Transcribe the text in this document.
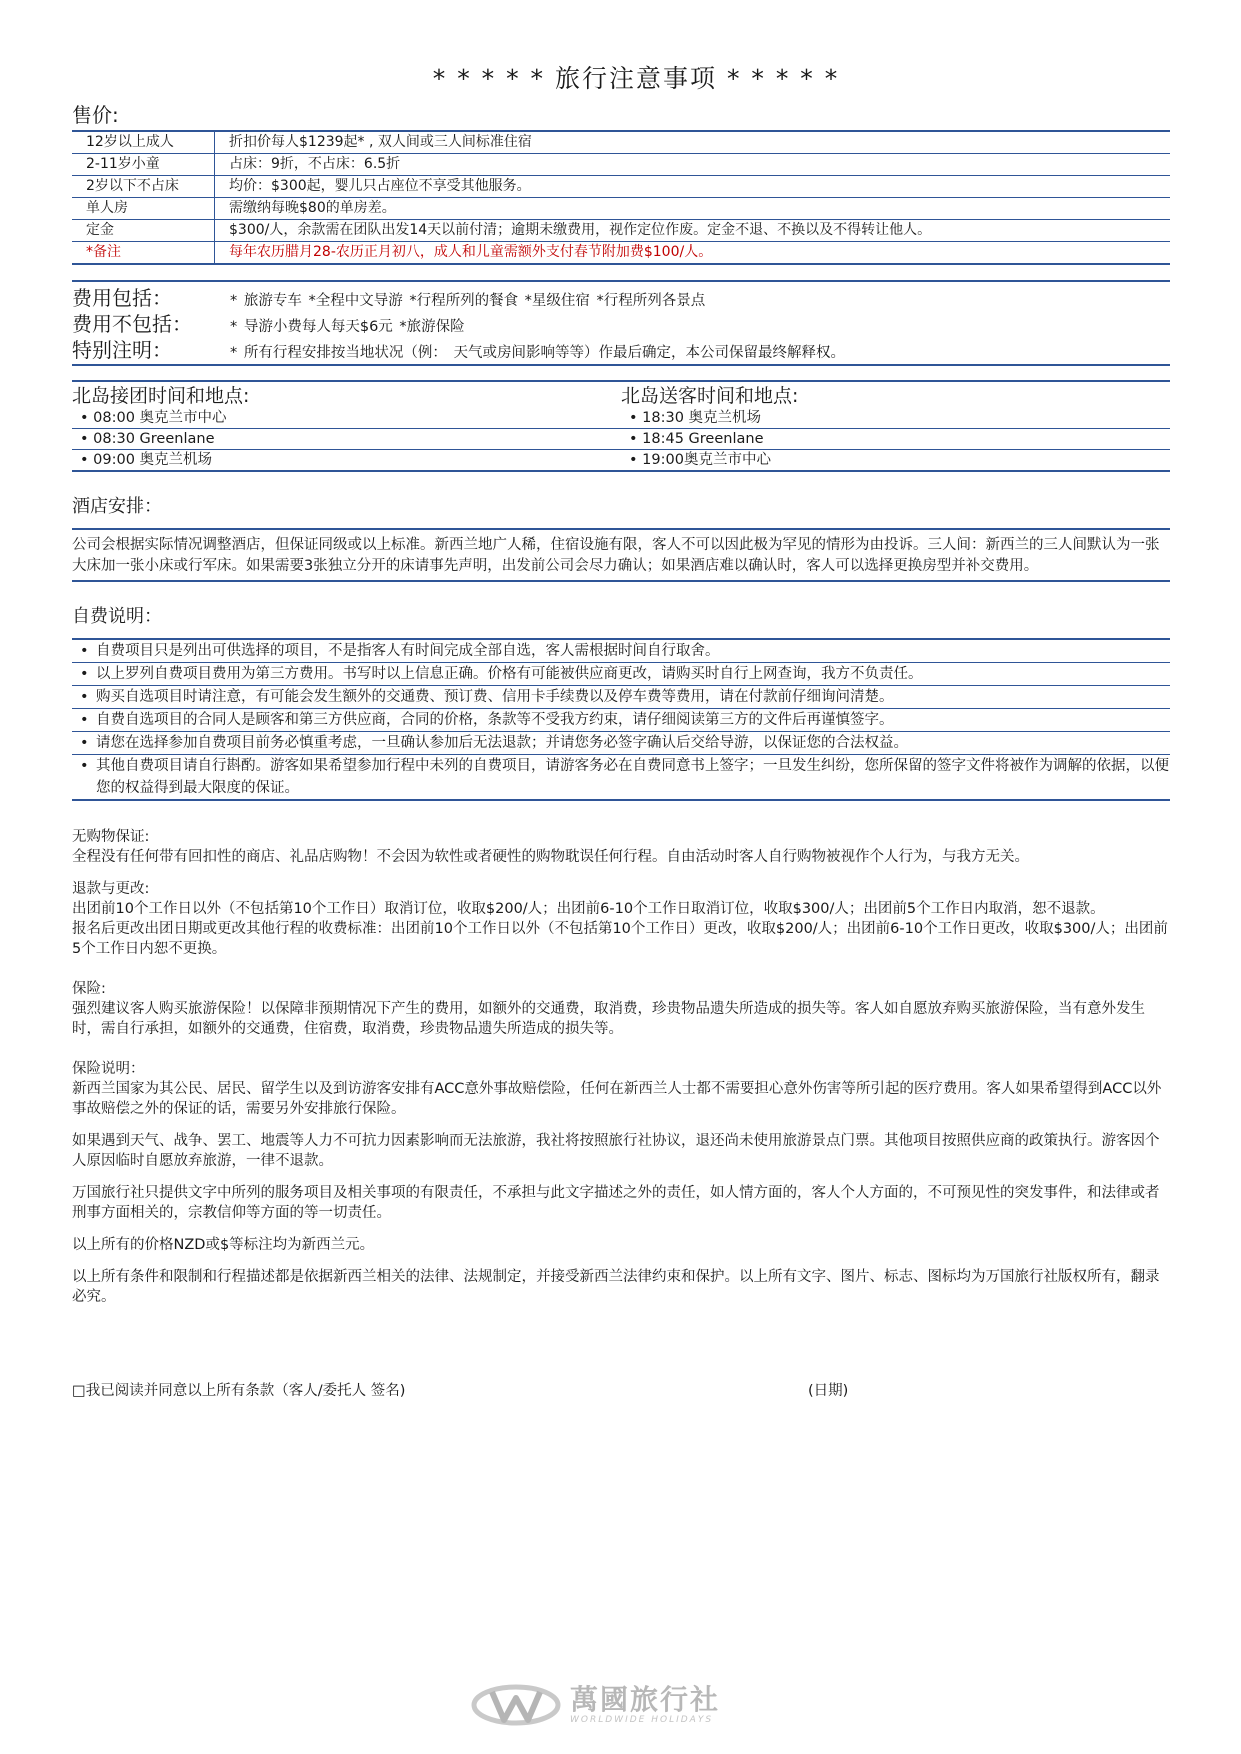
* * * * * 旅行注意事项 * * * * *
售价:
12岁以上成人	折扣价每人$1239起* , 双人间或三人间标准住宿
2-11岁小童	占床：9折，不占床：6.5折
2岁以下不占床	均价：$300起，婴儿只占座位不享受其他服务。
单人房	需缴纳每晚$80的单房差。
定金	$300/人，余款需在团队出发14天以前付清；逾期未缴费用，视作定位作废。定金不退、不换以及不得转让他人。
*备注	每年农历腊月28-农历正月初八，成人和儿童需额外支付春节附加费$100/人。
费用包括：	* 旅游专车 *全程中文导游 *行程所列的餐食 *星级住宿 *行程所列各景点
费用不包括：	* 导游小费每人每天$6元 *旅游保险
特别注明：	* 所有行程安排按当地状况（例： 天气或房间影响等等）作最后确定，本公司保留最终解释权。
北岛接团时间和地点:
• 08:00 奥克兰市中心
• 08:30 Greenlane
• 09:00 奥克兰机场
北岛送客时间和地点:
• 18:30 奥克兰机场
• 18:45 Greenlane
• 19:00奥克兰市中心
酒店安排：
公司会根据实际情况调整酒店，但保证同级或以上标准。新西兰地广人稀，住宿设施有限，客人不可以因此极为罕见的情形为由投诉。三人间：新西兰的三人间默认为一张大床加一张小床或行军床。如果需要3张独立分开的床请事先声明，出发前公司会尽力确认；如果酒店难以确认时，客人可以选择更换房型并补交费用。
自费说明：
• 自费项目只是列出可供选择的项目，不是指客人有时间完成全部自选，客人需根据时间自行取舍。
• 以上罗列自费项目费用为第三方费用。书写时以上信息正确。价格有可能被供应商更改，请购买时自行上网查询，我方不负责任。
• 购买自选项目时请注意，有可能会发生额外的交通费、预订费、信用卡手续费以及停车费等费用，请在付款前仔细询问清楚。
• 自费自选项目的合同人是顾客和第三方供应商，合同的价格，条款等不受我方约束，请仔细阅读第三方的文件后再谨慎签字。
• 请您在选择参加自费项目前务必慎重考虑，一旦确认参加后无法退款；并请您务必签字确认后交给导游，以保证您的合法权益。
• 其他自费项目请自行斟酌。游客如果希望参加行程中未列的自费项目，请游客务必在自费同意书上签字；一旦发生纠纷，您所保留的签字文件将被作为调解的依据，以便您的权益得到最大限度的保证。
无购物保证:
全程没有任何带有回扣性的商店、礼品店购物！不会因为软性或者硬性的购物耽误任何行程。自由活动时客人自行购物被视作个人行为，与我方无关。
退款与更改:
出团前10个工作日以外（不包括第10个工作日）取消订位，收取$200/人；出团前6-10个工作日取消订位，收取$300/人；出团前5个工作日内取消，恕不退款。
报名后更改出团日期或更改其他行程的收费标准：出团前10个工作日以外（不包括第10个工作日）更改，收取$200/人；出团前6-10个工作日更改，收取$300/人；出团前5个工作日内恕不更换。
保险:
强烈建议客人购买旅游保险！以保障非预期情况下产生的费用，如额外的交通费，取消费，珍贵物品遗失所造成的损失等。客人如自愿放弃购买旅游保险，当有意外发生时，需自行承担，如额外的交通费，住宿费，取消费，珍贵物品遗失所造成的损失等。
保险说明：
新西兰国家为其公民、居民、留学生以及到访游客安排有ACC意外事故赔偿险，任何在新西兰人士都不需要担心意外伤害等所引起的医疗费用。客人如果希望得到ACC以外事故赔偿之外的保证的话，需要另外安排旅行保险。
如果遇到天气、战争、罢工、地震等人力不可抗力因素影响而无法旅游，我社将按照旅行社协议，退还尚未使用旅游景点门票。其他项目按照供应商的政策执行。游客因个人原因临时自愿放弃旅游，一律不退款。
万国旅行社只提供文字中所列的服务项目及相关事项的有限责任，不承担与此文字描述之外的责任，如人情方面的，客人个人方面的，不可预见性的突发事件，和法律或者刑事方面相关的，宗教信仰等方面的等一切责任。
以上所有的价格NZD或$等标注均为新西兰元。
以上所有条件和限制和行程描述都是依据新西兰相关的法律、法规制定，并接受新西兰法律约束和保护。以上所有文字、图片、标志、图标均为万国旅行社版权所有，翻录必究。
□我已阅读并同意以上所有条款（客人/委托人 签名)	(日期)
萬國旅行社
WORLDWIDE HOLIDAYS
